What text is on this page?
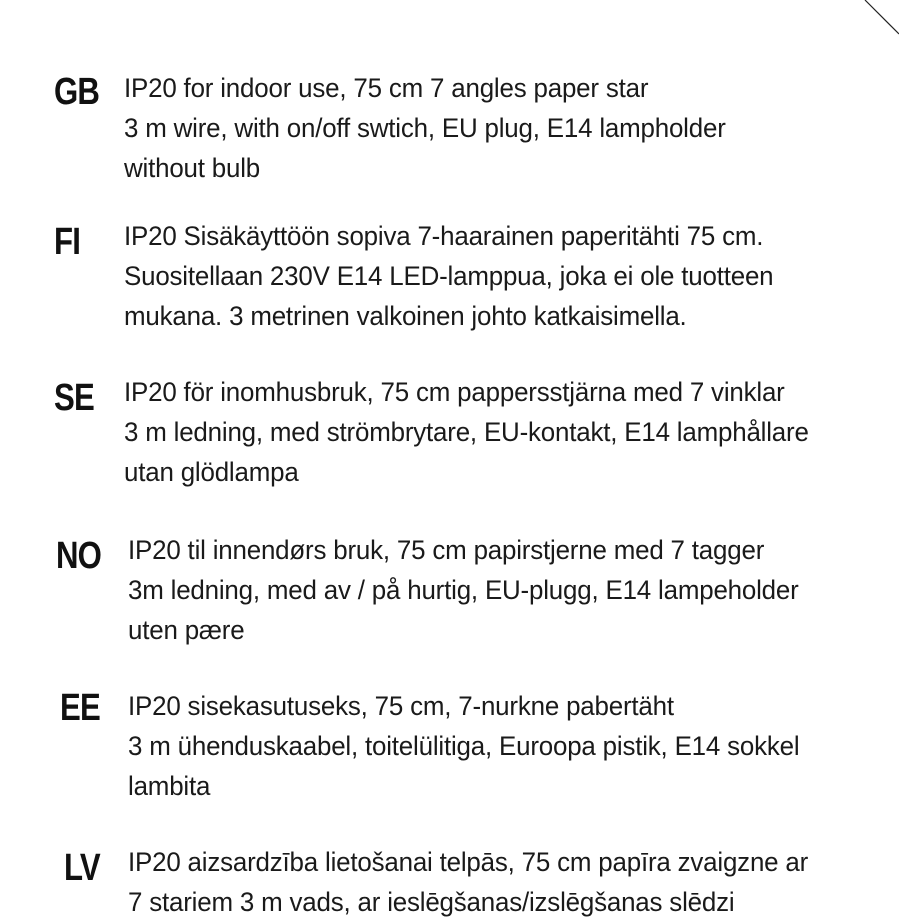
GB IP20 for indoor use, 75 cm 7 angles paper star
3 m wire, with on/off swtich, EU plug, E14 lampholder
without bulb
FI IP20 Sisäkäyttöön sopiva 7-haarainen paperitähti 75 cm.
Suositellaan 230V E14 LED-lamppua, joka ei ole tuotteen
mukana. 3 metrinen valkoinen johto katkaisimella.
SE IP20 för inomhusbruk, 75 cm pappersstjärna med 7 vinklar
3 m ledning, med strömbrytare, EU-kontakt, E14 lamphållare
utan glödlampa
NO IP20 til innendørs bruk, 75 cm papirstjerne med 7 tagger
3m ledning, med av / på hurtig, EU-plugg, E14 lampeholder
uten pære
EE IP20 sisekasutuseks, 75 cm, 7-nurkne pabertäht
3 m ühenduskaabel, toitelülitiga, Euroopa pistik, E14 sokkel
lambita
LV IP20 aizsardzība lietošanai telpās, 75 cm papīra zvaigzne ar
7 stariem 3 m vads, ar ieslēgšanas/izslēgšanas slēdzi
